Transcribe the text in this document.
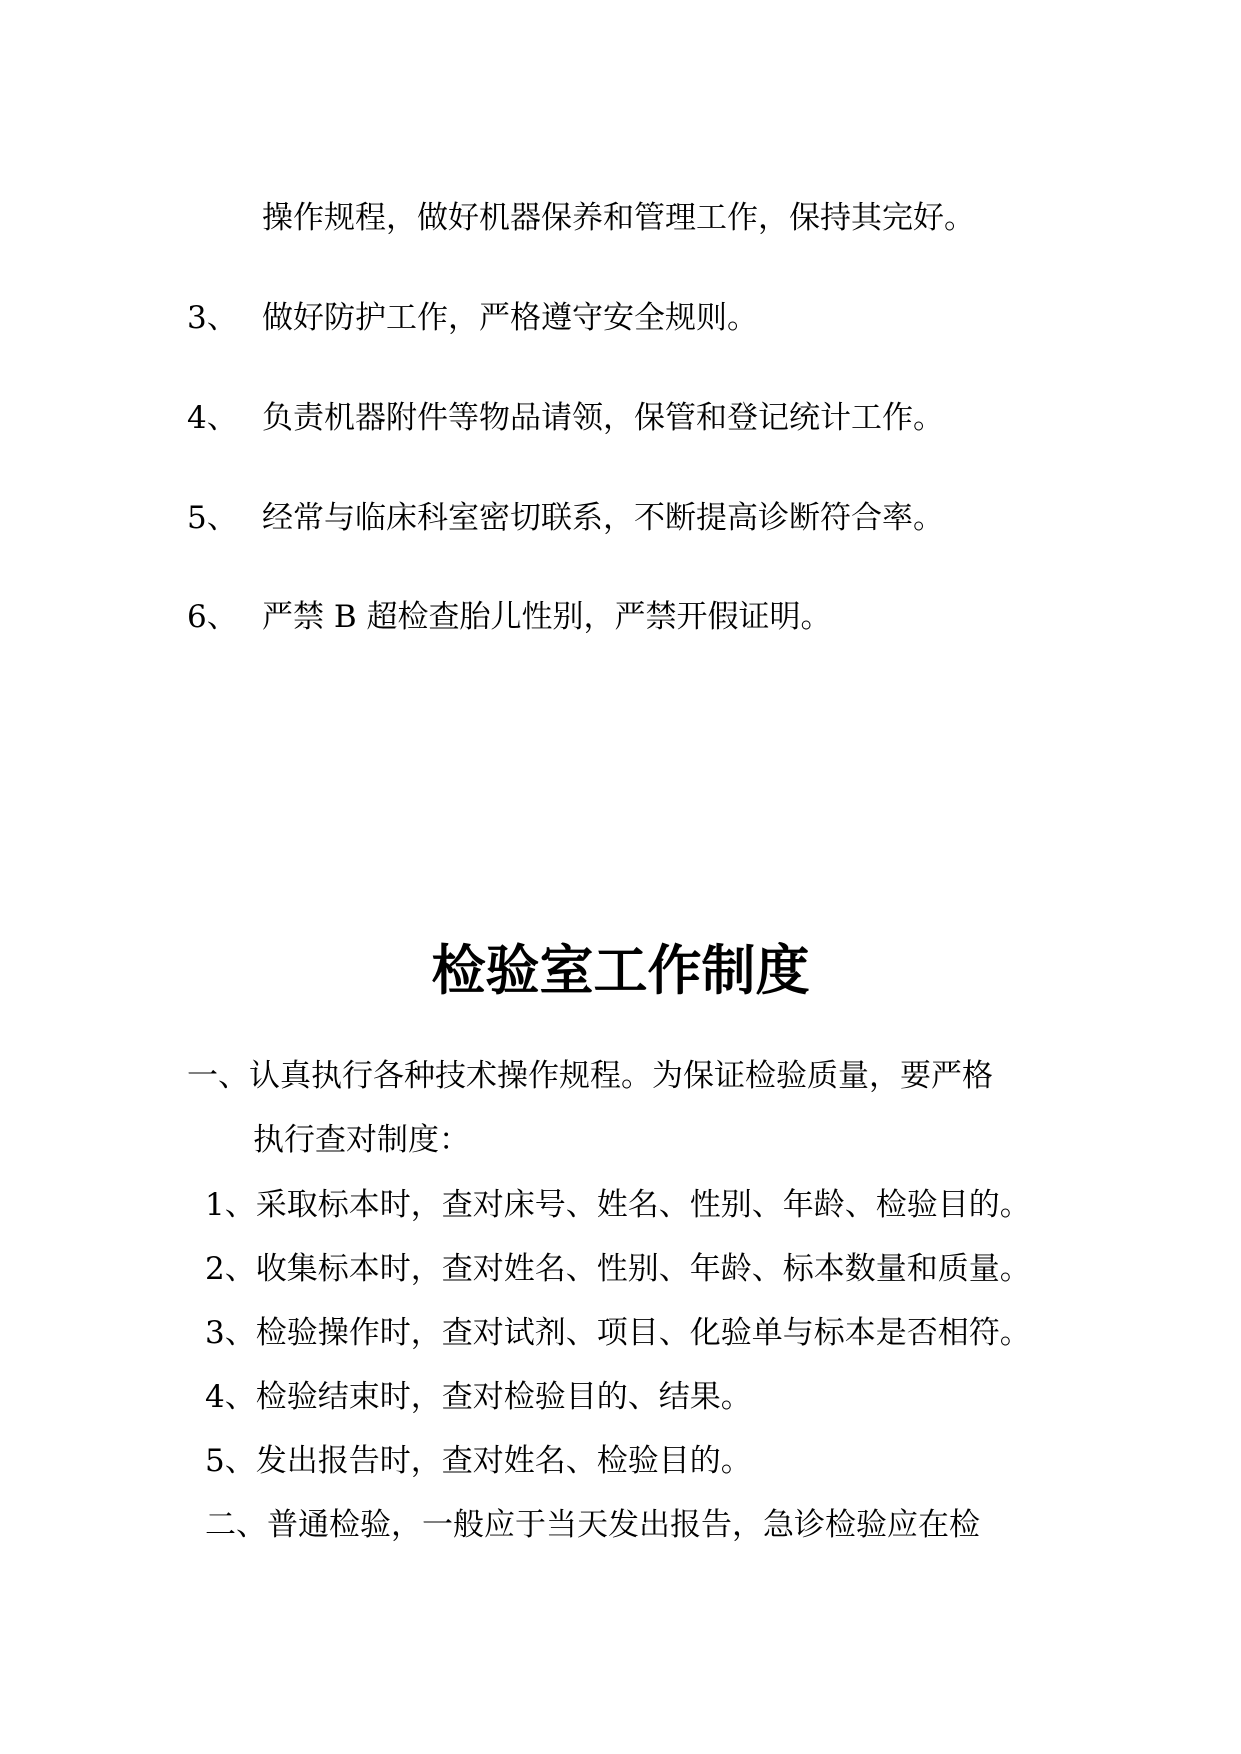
操作规程，做好机器保养和管理工作，保持其完好。
3、 做好防护工作，严格遵守安全规则。
4、 负责机器附件等物品请领，保管和登记统计工作。
5、 经常与临床科室密切联系，不断提高诊断符合率。
6、 严禁 B 超检查胎儿性别，严禁开假证明。
检验室工作制度
一、认真执行各种技术操作规程。为保证检验质量，要严格
执行查对制度：
1、采取标本时，查对床号、姓名、性别、年龄、检验目的。
2、收集标本时，查对姓名、性别、年龄、标本数量和质量。
3、检验操作时，查对试剂、项目、化验单与标本是否相符。
4、检验结束时，查对检验目的、结果。
5、发出报告时，查对姓名、检验目的。
二、普通检验，一般应于当天发出报告，急诊检验应在检
